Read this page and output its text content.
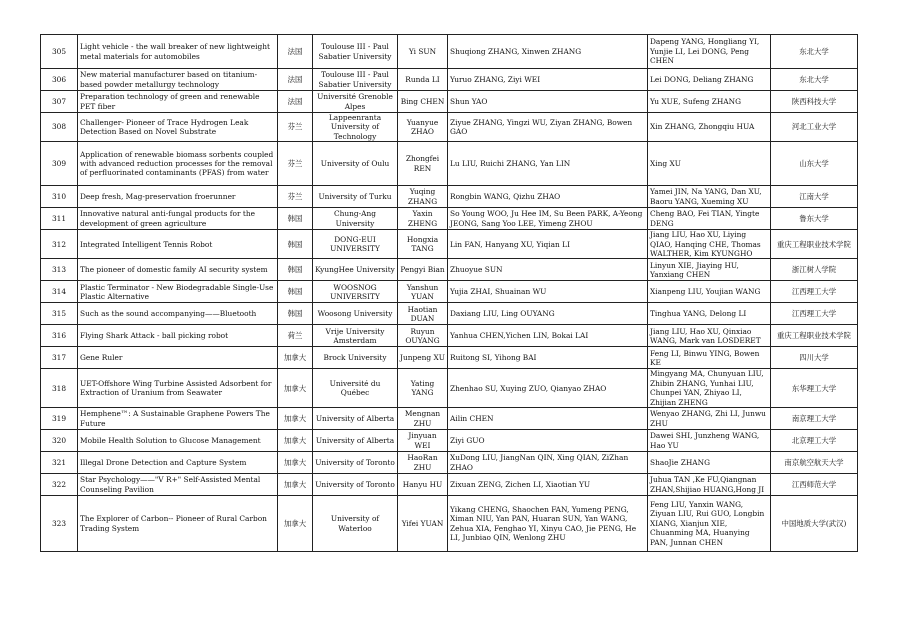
305	Light vehicle - the wall breaker of new lightweight metal materials for automobiles	法国	Toulouse III - Paul Sabatier University	Yi SUN	Shuqiong ZHANG, Xinwen ZHANG	Dapeng YANG, Hongliang YI, Yunjie LI, Lei DONG, Peng CHEN	东北大学
306	New material manufacturer based on titanium-based powder metallurgy technology	法国	Toulouse III - Paul Sabatier University	Runda LI	Yuruo ZHANG, Ziyi WEI	Lei DONG, Deliang ZHANG	东北大学
307	Preparation technology of green and renewable PET fiber	法国	Université Grenoble Alpes	Bing CHEN	Shun YAO	Yu XUE, Sufeng ZHANG	陕西科技大学
308	Challenger- Pioneer of Trace Hydrogen Leak Detection Based on Novel Substrate	芬兰	Lappeenranta University of Technology	Yuanyue ZHAO	Ziyue ZHANG, Yingzi WU, Ziyan ZHANG, Bowen GAO	Xin ZHANG, Zhongqiu HUA	河北工业大学
309	Application of renewable biomass sorbents coupled with advanced reduction processes for the removal of perfluorinated contaminants (PFAS) from water	芬兰	University of Oulu	Zhongfei REN	Lu LIU, Ruichi ZHANG, Yan LIN	Xing XU	山东大学
310	Deep fresh, Mag-preservation froerunner	芬兰	University of Turku	Yuqing ZHANG	Rongbin WANG, Qizhu ZHAO	Yamei JIN, Na YANG, Dan XU, Baoru YANG, Xueming XU	江南大学
311	Innovative natural anti-fungal products for the development of green agriculture	韩国	Chung-Ang University	Yaxin ZHENG	So Young WOO, Ju Hee IM, Su Been PARK, A-Yeong JEONG, Sang Yoo LEE, Yimeng ZHOU	Cheng BAO, Fei TIAN, Yingte DENG	鲁东大学
312	Integrated Intelligent Tennis Robot	韩国	DONG-EUI UNIVERSITY	Hongxia TANG	Lin FAN, Hanyang XU, Yiqian LI	Jiang LIU, Hao XU, Liying QIAO, Hanqing CHE, Thomas WALTHER, Kim KYUNGHO	重庆工程职业技术学院
313	The pioneer of domestic family AI security system	韩国	KyungHee University	Pengyi Bian	Zhuoyue SUN	Linyun XIE, Jiaying HU, Yanxiang CHEN	浙江树人学院
314	Plastic Terminator - New Biodegradable Single-Use Plastic Alternative	韩国	WOOSNOG UNIVERSITY	Yanshun YUAN	Yujia ZHAI, Shuainan WU	Xianpeng LIU, Youjian WANG	江西理工大学
315	Such as the sound accompanying——Bluetooth	韩国	Woosong University	Haotian DUAN	Daxiang LIU, Ling OUYANG	Tinghua YANG, Delong LI	江西理工大学
316	Flying Shark Attack - ball picking robot	荷兰	Vrije University Amsterdam	Ruyun OUYANG	Yanhua CHEN,Yichen LIN, Bokai LAI	Jiang LIU, Hao XU, Qinxiao WANG, Mark van LOSDERET	重庆工程职业技术学院
317	Gene Ruler	加拿大	Brock University	Junpeng XU	Ruitong SI, Yihong BAI	Feng LI, Binwu YING, Bowen KE	四川大学
318	UET-Offshore Wing Turbine Assisted Adsorbent for Extraction of Uranium from Seawater	加拿大	Université du Québec	Yating YANG	Zhenhao SU, Xuying ZUO, Qianyao ZHAO	Mingyang MA, Chunyuan LIU, Zhibin ZHANG, Yunhai LIU, Chunpei YAN, Zhiyao LI, Zhijian ZHENG	东华理工大学
319	Hemphene™: A Sustainable Graphene Powers The Future	加拿大	University of Alberta	Mengnan ZHU	Ailin CHEN	Wenyao ZHANG, Zhi LI, Junwu ZHU	南京理工大学
320	Mobile Health Solution to Glucose Management	加拿大	University of Alberta	Jinyuan WEI	Ziyi GUO	Dawei SHI, Junzheng WANG, Hao YU	北京理工大学
321	Illegal Drone Detection and Capture System	加拿大	University of Toronto	HaoRan ZHU	XuDong LIU, JiangNan QIN, Xing QIAN, ZiZhan ZHAO	ShaoJie ZHANG	南京航空航天大学
322	Star Psychology——"V R+" Self-Assisted Mental Counseling Pavilion	加拿大	University of Toronto	Hanyu HU	Zixuan ZENG, Zichen LI, Xiaotian YU	Juhua TAN ,Ke FU,Qiangnan ZHAN,Shijiao HUANG,Hong JI	江西师范大学
323	The Explorer of Carbon-- Pioneer of Rural Carbon Trading System	加拿大	University of Waterloo	Yifei YUAN	Yikang CHENG, Shaochen FAN, Yumeng PENG, Ximan NIU, Yan PAN, Huaran SUN, Yan WANG, Zehua XIA, Fenghao YI, Xinyu CAO, Jie PENG, He LI, Junbiao QIN, Wenlong ZHU	Feng LIU, Yanxin WANG, Ziyuan LIU, Rui GUO, Longbin XIANG, Xianjun XIE, Chuanming MA, Huanying PAN, Junnan CHEN	中国地质大学(武汉)
